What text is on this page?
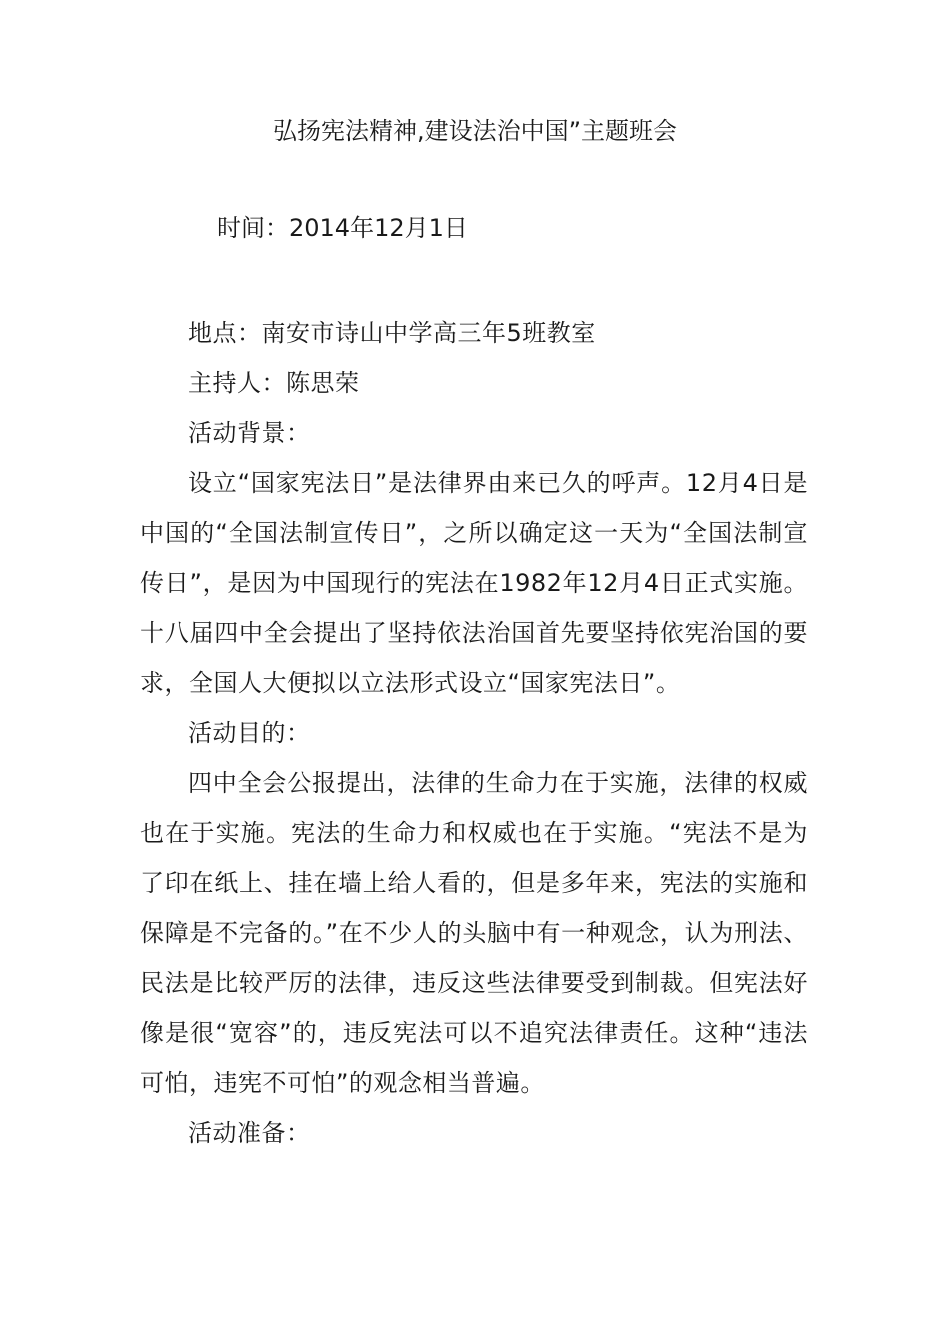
弘扬宪法精神,建设法治中国”主题班会

时间：2014年12月1日

地点：南安市诗山中学高三年5班教室

主持人：陈思荣

活动背景：

设立“国家宪法日”是法律界由来已久的呼声。12月4日是中国的“全国法制宣传日”，之所以确定这一天为“全国法制宣传日”，是因为中国现行的宪法在1982年12月4日正式实施。十八届四中全会提出了坚持依法治国首先要坚持依宪治国的要求，全国人大便拟以立法形式设立“国家宪法日”。

活动目的：

四中全会公报提出，法律的生命力在于实施，法律的权威也在于实施。宪法的生命力和权威也在于实施。“宪法不是为了印在纸上、挂在墙上给人看的，但是多年来，宪法的实施和保障是不完备的。”在不少人的头脑中有一种观念，认为刑法、民法是比较严厉的法律，违反这些法律要受到制裁。但宪法好像是很“宽容”的，违反宪法可以不追究法律责任。这种“违法可怕，违宪不可怕”的观念相当普遍。

活动准备：
